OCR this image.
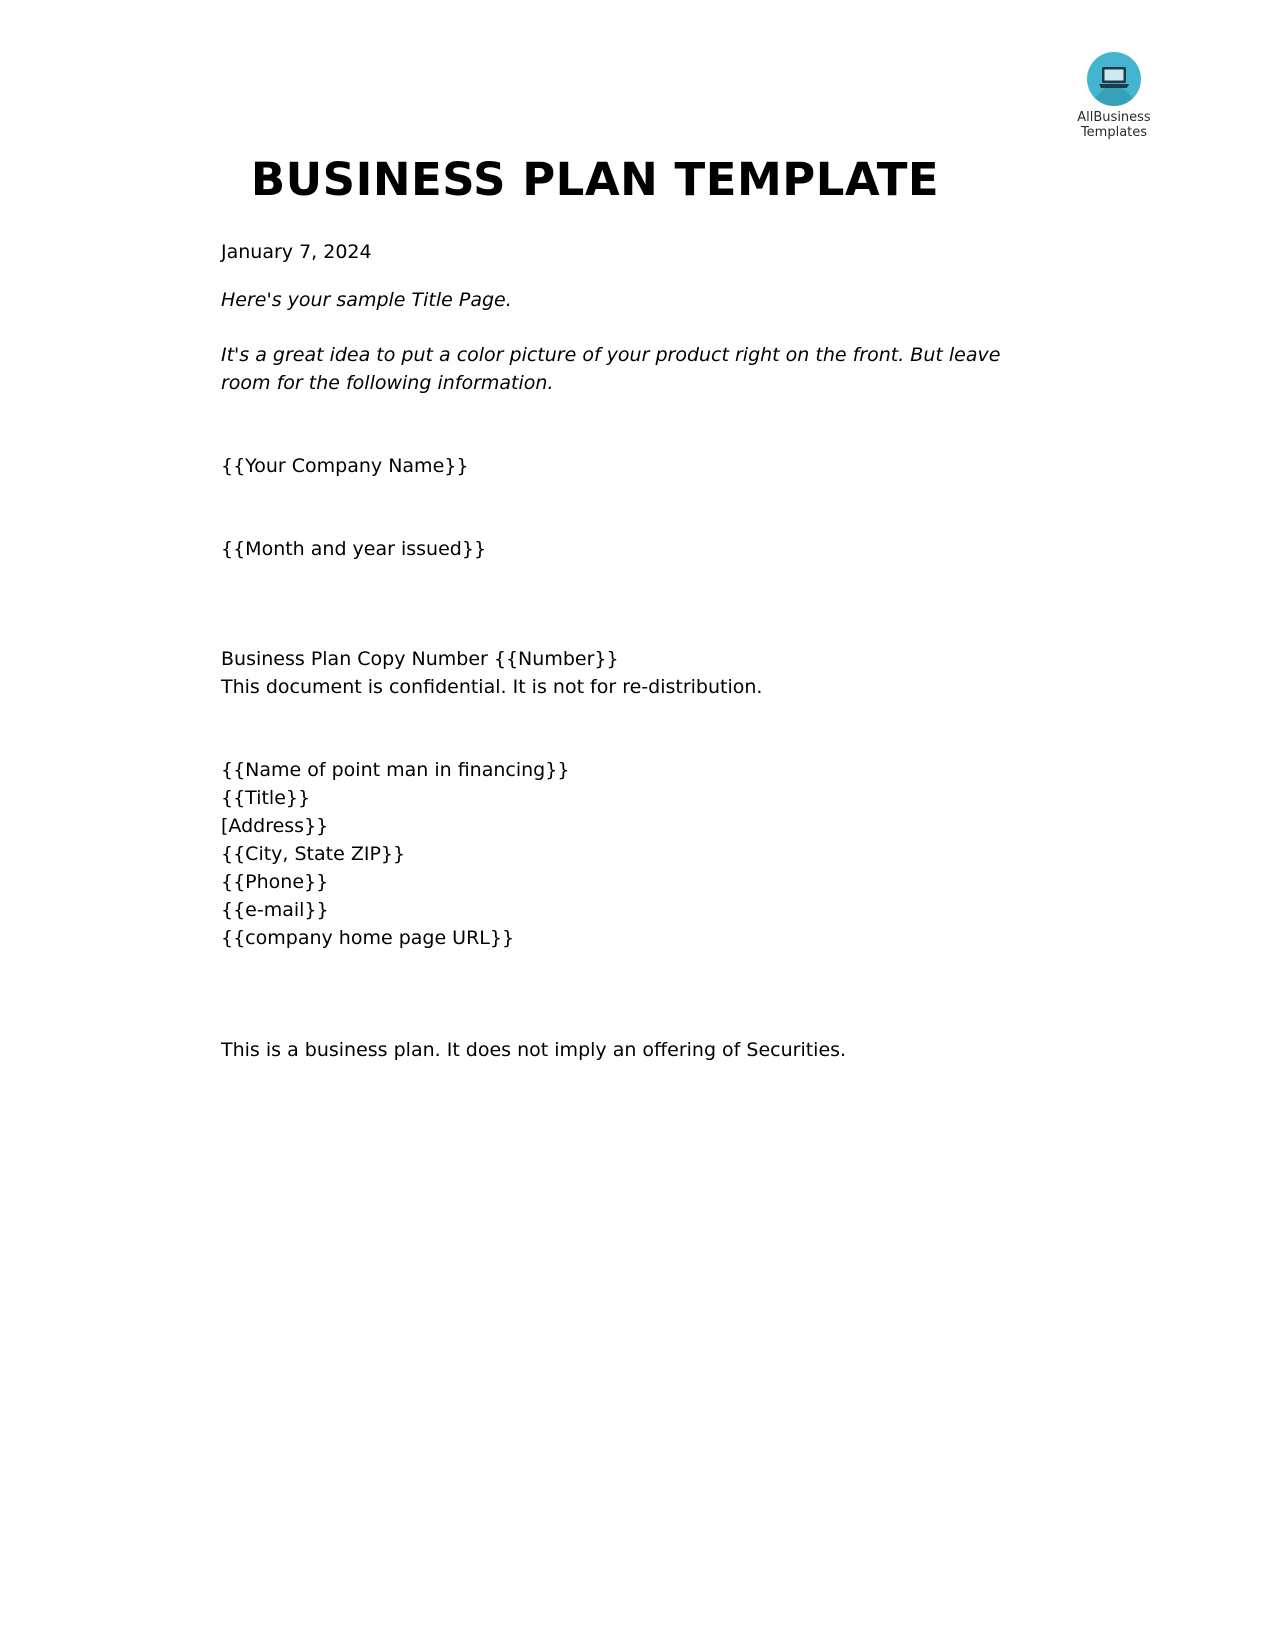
AllBusiness
Templates
BUSINESS PLAN TEMPLATE

January 7, 2024

Here's your sample Title Page.

It's a great idea to put a color picture of your product right on the front. But leave
room for the following information.

{{Your Company Name}}

{{Month and year issued}}

Business Plan Copy Number {{Number}}
This document is confidential. It is not for re-distribution.
{{Name of point man in financing}}
{{Title}}
[Address}}
{{City, State ZIP}}
{{Phone}}
{{e-mail}}
{{company home page URL}}

This is a business plan. It does not imply an offering of Securities.
